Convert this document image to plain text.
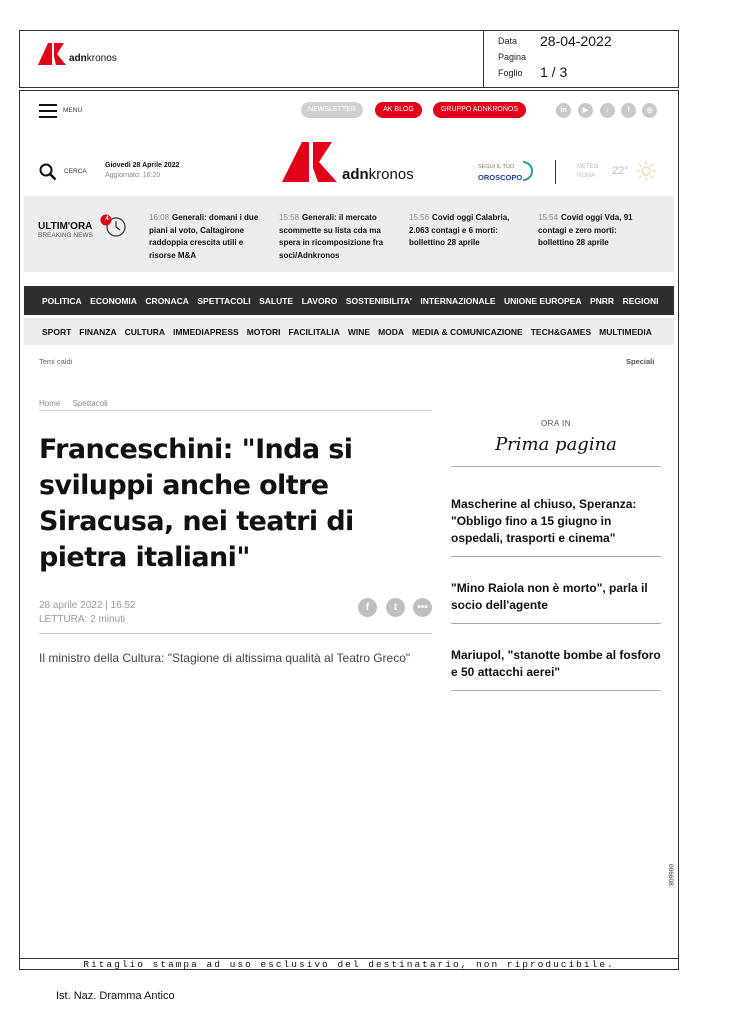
adnkronos
Data 28-04-2022
Pagina
Foglio 1 / 3
MENU	NEWSLETTER	AK BLOG	GRUPPO ADNKRONOS	in	▶	♪	f	◎
CERCA
Giovedì 28 Aprile 2022
Aggiornato: 16:20	adnkronos	SEGUI IL TUO
OROSCOPO
METEO
ROMA 22°
ULTIM'ORA
BREAKING NEWS
4	16:08 Generali: domani i due piani al voto, Caltagirone raddoppia crescita utili e risorse M&A
15:58 Generali: il mercato scommette su lista cda ma spera in ricomposizione fra soci/Adnkronos
15:56 Covid oggi Calabria, 2.063 contagi e 6 morti: bollettino 28 aprile
15:54 Covid oggi Vda, 91 contagi e zero morti: bollettino 28 aprile
POLITICA ECONOMIA CRONACA SPETTACOLI SALUTE LAVORO SOSTENIBILITA' INTERNAZIONALE UNIONE EUROPEA PNRR REGIONI
SPORT FINANZA CULTURA IMMEDIAPRESS MOTORI FACILITALIA WINE MODA MEDIA & COMUNICAZIONE TECH&GAMES MULTIMEDIA
Temi caldi	Speciali
Home Spettacoli
Franceschini: "Inda si sviluppi anche oltre Siracusa, nei teatri di pietra italiani"
28 aprile 2022 | 16.52
LETTURA: 2 minuti
f	t	•••

Il ministro della Cultura: "Stagione di altissima qualità al Teatro Greco"

ORA IN
Prima pagina
Mascherine al chiuso, Speranza: "Obbligo fino a 15 giugno in ospedali, trasporti e cinema"
"Mino Raiola non è morto", parla il socio dell'agente
Mariupol, "stanotte bombe al fosforo e 50 attacchi aerei"
006608
Ritaglio stampa ad uso esclusivo del destinatario, non riproducibile.
Ist. Naz. Dramma Antico
